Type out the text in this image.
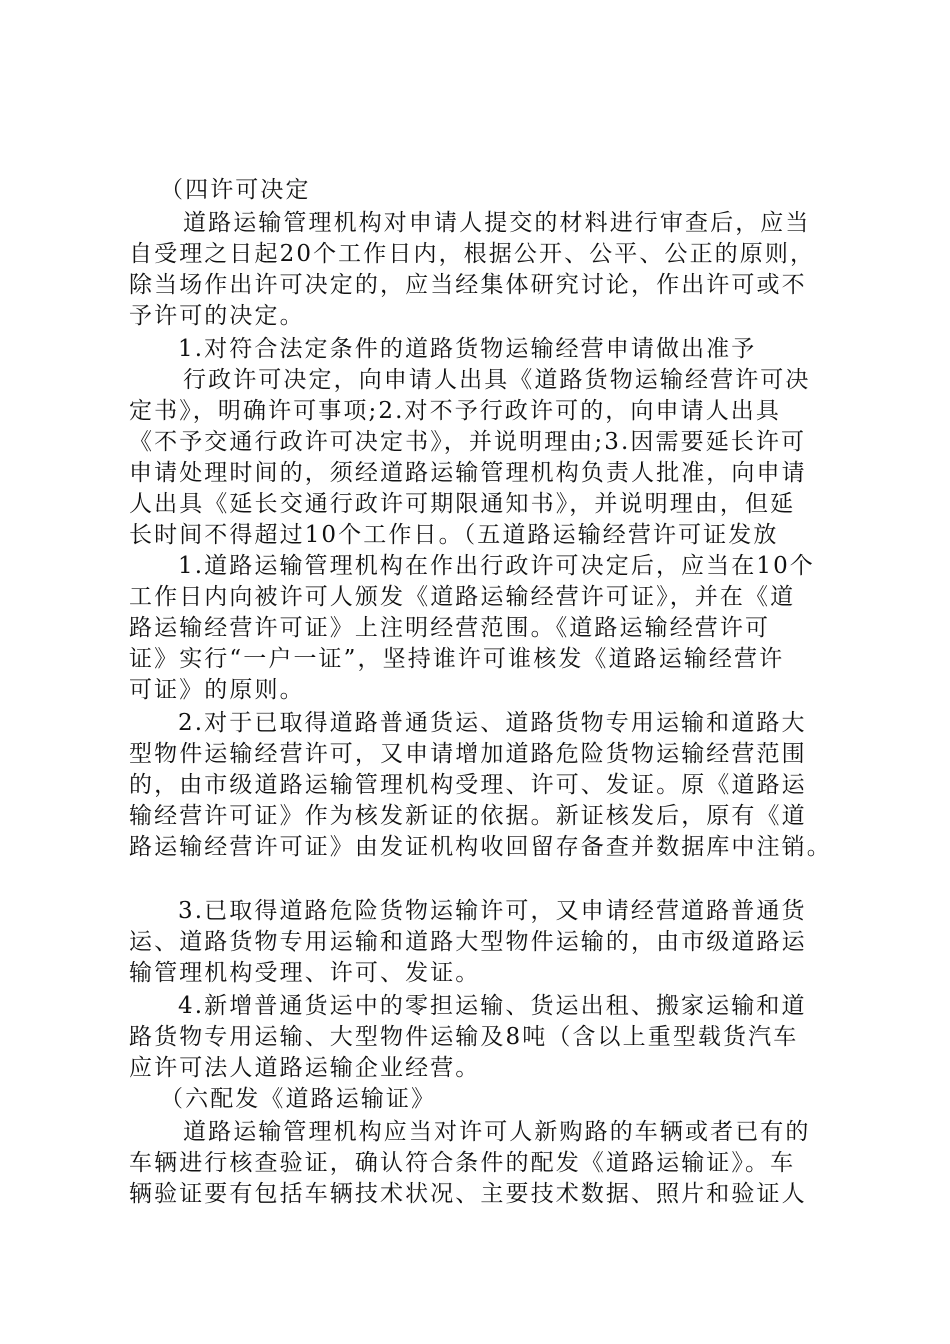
（四许可决定
道路运输管理机构对申请人提交的材料进行审查后，应当
自受理之日起20个工作日内，根据公开、公平、公正的原则，
除当场作出许可决定的，应当经集体研究讨论，作出许可或不
予许可的决定。
1.对符合法定条件的道路货物运输经营申请做出准予
行政许可决定，向申请人出具《道路货物运输经营许可决
定书》，明确许可事项;2.对不予行政许可的，向申请人出具
《不予交通行政许可决定书》，并说明理由;3.因需要延长许可
申请处理时间的，须经道路运输管理机构负责人批准，向申请
人出具《延长交通行政许可期限通知书》，并说明理由，但延
长时间不得超过10个工作日。（五道路运输经营许可证发放
1.道路运输管理机构在作出行政许可决定后，应当在10个
工作日内向被许可人颁发《道路运输经营许可证》，并在《道
路运输经营许可证》上注明经营范围。《道路运输经营许可
证》实行“一户一证”，坚持谁许可谁核发《道路运输经营许
可证》的原则。
2.对于已取得道路普通货运、道路货物专用运输和道路大
型物件运输经营许可，又申请增加道路危险货物运输经营范围
的，由市级道路运输管理机构受理、许可、发证。原《道路运
输经营许可证》作为核发新证的依据。新证核发后，原有《道
路运输经营许可证》由发证机构收回留存备查并数据库中注销。
3.已取得道路危险货物运输许可，又申请经营道路普通货
运、道路货物专用运输和道路大型物件运输的，由市级道路运
输管理机构受理、许可、发证。
4.新增普通货运中的零担运输、货运出租、搬家运输和道
路货物专用运输、大型物件运输及8吨（含以上重型载货汽车
应许可法人道路运输企业经营。
（六配发《道路运输证》
道路运输管理机构应当对许可人新购路的车辆或者已有的
车辆进行核查验证，确认符合条件的配发《道路运输证》。车
辆验证要有包括车辆技术状况、主要技术数据、照片和验证人
